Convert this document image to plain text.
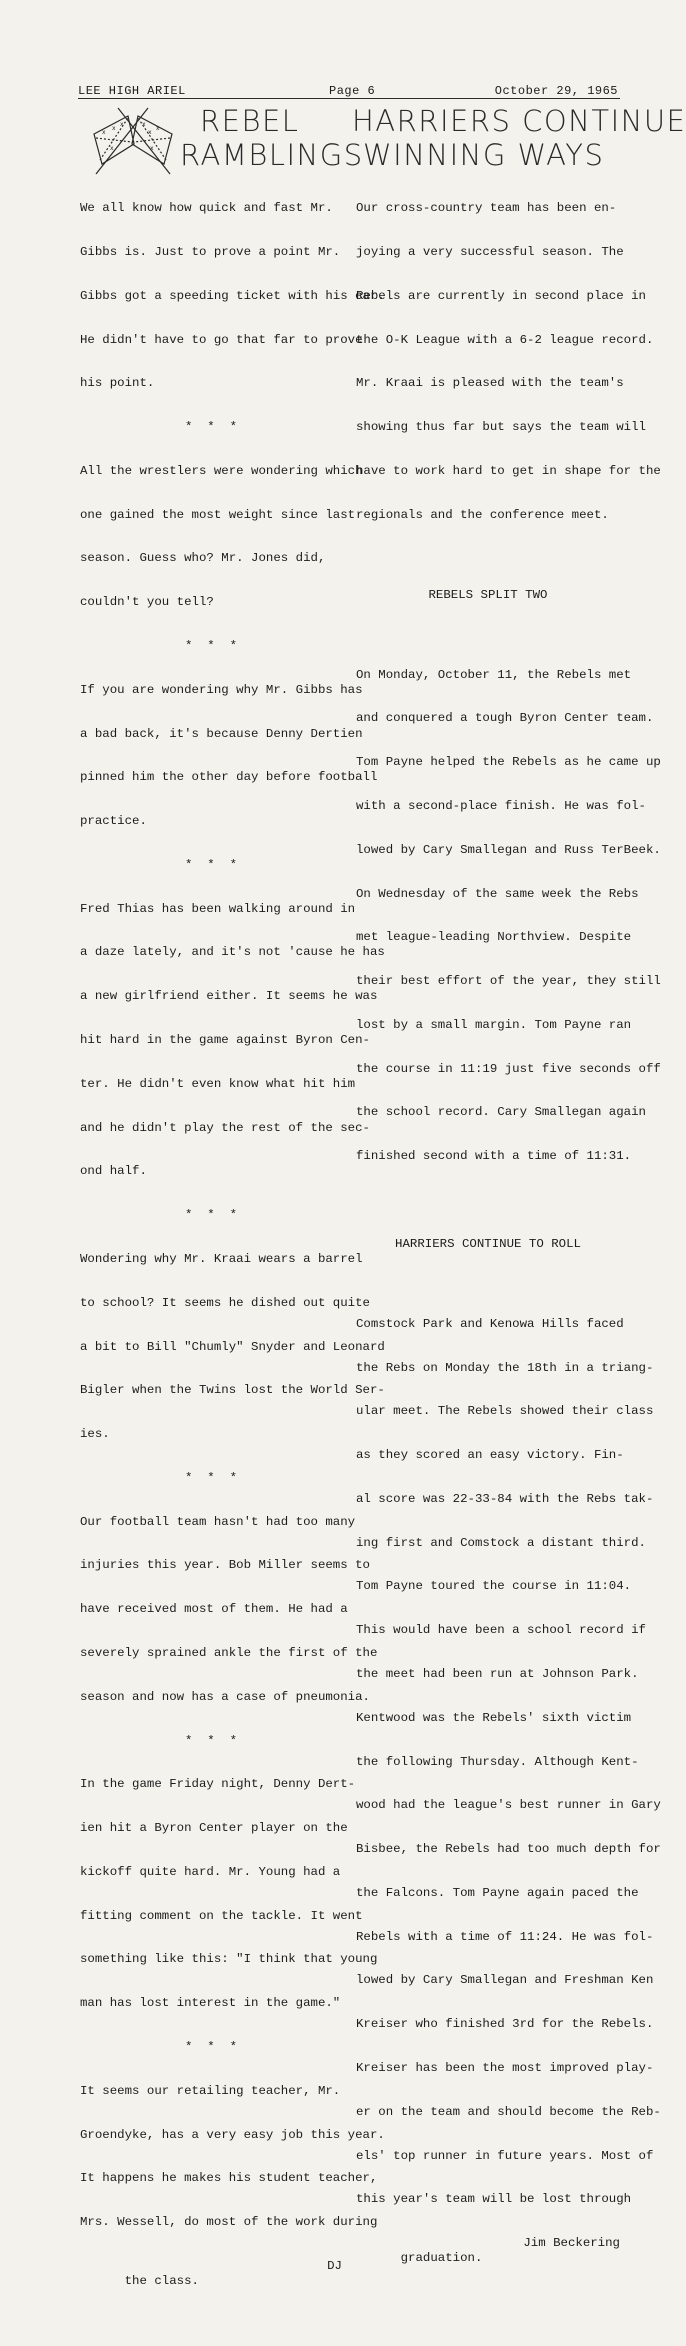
LEE HIGH ARIEL	Page 6	October 29, 1965
x
x
x
x
x
x
x	x
REBEL
RAMBLINGS
HARRIERS CONTINUE
WINNING WAYS

We all know how quick and fast Mr.

Gibbs is. Just to prove a point Mr.

Gibbs got a speeding ticket with his car.

He didn't have to go that far to prove

his point.

*  *  *

All the wrestlers were wondering which

one gained the most weight since last

season. Guess who? Mr. Jones did,

couldn't you tell?

*  *  *

If you are wondering why Mr. Gibbs has

a bad back, it's because Denny Dertien

pinned him the other day before football

practice.

*  *  *

Fred Thias has been walking around in

a daze lately, and it's not 'cause he has

a new girlfriend either. It seems he was

hit hard in the game against Byron Cen-

ter. He didn't even know what hit him

and he didn't play the rest of the sec-

ond half.

*  *  *

Wondering why Mr. Kraai wears a barrel

to school? It seems he dished out quite

a bit to Bill "Chumly" Snyder and Leonard

Bigler when the Twins lost the World Ser-

ies.

*  *  *

Our football team hasn't had too many

injuries this year. Bob Miller seems to

have received most of them. He had a

severely sprained ankle the first of the

season and now has a case of pneumonia.

*  *  *

In the game Friday night, Denny Dert-

ien hit a Byron Center player on the

kickoff quite hard. Mr. Young had a

fitting comment on the tackle. It went

something like this: "I think that young

man has lost interest in the game."

*  *  *

It seems our retailing teacher, Mr.

Groendyke, has a very easy job this year.

It happens he makes his student teacher,

Mrs. Wessell, do most of the work during

the class.

DJ

Our cross-country team has been en-

joying a very successful season. The

Rebels are currently in second place in

the O-K League with a 6-2 league record.

Mr. Kraai is pleased with the team's

showing thus far but says the team will

have to work hard to get in shape for the

regionals and the conference meet.

REBELS SPLIT TWO

On Monday, October 11, the Rebels met

and conquered a tough Byron Center team.

Tom Payne helped the Rebels as he came up

with a second-place finish. He was fol-

lowed by Cary Smallegan and Russ TerBeek.

On Wednesday of the same week the Rebs

met league-leading Northview. Despite

their best effort of the year, they still

lost by a small margin. Tom Payne ran

the course in 11:19 just five seconds off

the school record. Cary Smallegan again

finished second with a time of 11:31.

HARRIERS CONTINUE TO ROLL

Comstock Park and Kenowa Hills faced

the Rebs on Monday the 18th in a triang-

ular meet. The Rebels showed their class

as they scored an easy victory. Fin-

al score was 22-33-84 with the Rebs tak-

ing first and Comstock a distant third.

Tom Payne toured the course in 11:04.

This would have been a school record if

the meet had been run at Johnson Park.

Kentwood was the Rebels' sixth victim

the following Thursday. Although Kent-

wood had the league's best runner in Gary

Bisbee, the Rebels had too much depth for

the Falcons. Tom Payne again paced the

Rebels with a time of 11:24. He was fol-

lowed by Cary Smallegan and Freshman Ken

Kreiser who finished 3rd for the Rebels.

Kreiser has been the most improved play-

er on the team and should become the Reb-

els' top runner in future years. Most of

this year's team will be lost through

graduation.

Jim Beckering
